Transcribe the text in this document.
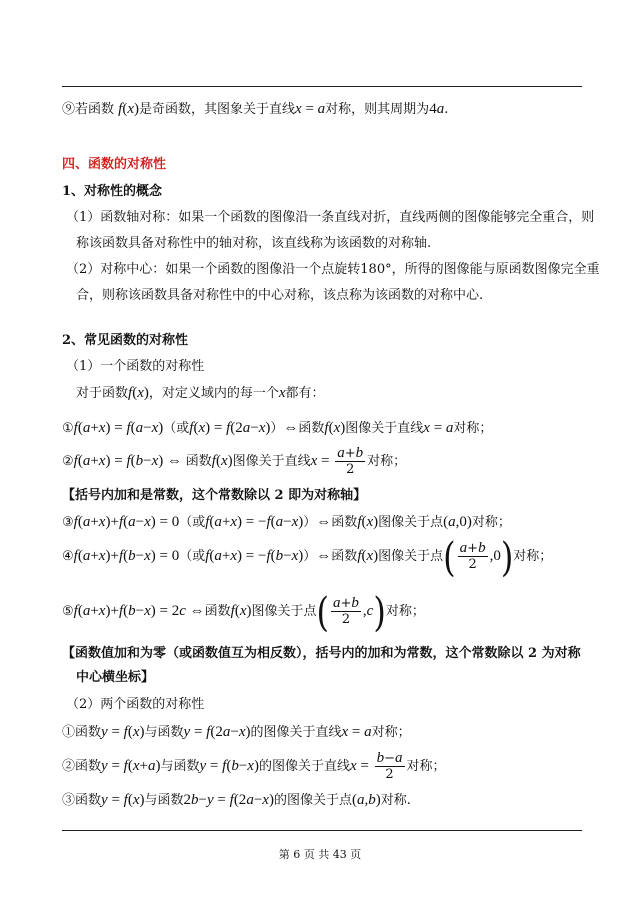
⑨若函数 f(x)是奇函数，其图象关于直线x = a对称，则其周期为4a.
四、函数的对称性
1、对称性的概念
（1）函数轴对称：如果一个函数的图像沿一条直线对折，直线两侧的图像能够完全重合，则
称该函数具备对称性中的轴对称，该直线称为该函数的对称轴.
（2）对称中心：如果一个函数的图像沿一个点旋转180°，所得的图像能与原函数图像完全重
合，则称该函数具备对称性中的中心对称，该点称为该函数的对称中心.
2、常见函数的对称性
（1）一个函数的对称性
对于函数f(x)，对定义域内的每一个x都有：
①f(a+x) = f(a−x)（或f(x) = f(2a−x)）⇔函数f(x)图像关于直线x = a对称；
②f(a+x) = f(b−x) ⇔ 函数f(x)图像关于直线$x = \frac{a+b}{2}$ 对称；
【括号内加和是常数，这个常数除以 2 即为对称轴】
③f(a+x)+f(a−x) = 0（或f(a+x) = −f(a−x)）⇔函数f(x)图像关于点(a,0)对称；
④f(a+x)+f(b−x) = 0（或f(a+x) = −f(b−x)）⇔函数f(x)图像关于点( $\frac{a+b}{2} ,0$)对称；
⑤f(a+x)+f(b−x) = 2c ⇔函数f(x)图像关于点( $\frac{a+b}{2} ,c$)对称；
【函数值加和为零（或函数值互为相反数），括号内的加和为常数，这个常数除以 2 为对称
中心横坐标】
（2）两个函数的对称性
①函数y = f(x)与函数y = f(2a−x)的图像关于直线x = a对称；
②函数y = f(x+a)与函数y = f(b−x)的图像关于直线$x = \frac{b-a}{2}$ 对称；
③函数y = f(x)与函数2b−y = f(2a−x)的图像关于点(a,b)对称.
第 6 页 共 43 页
